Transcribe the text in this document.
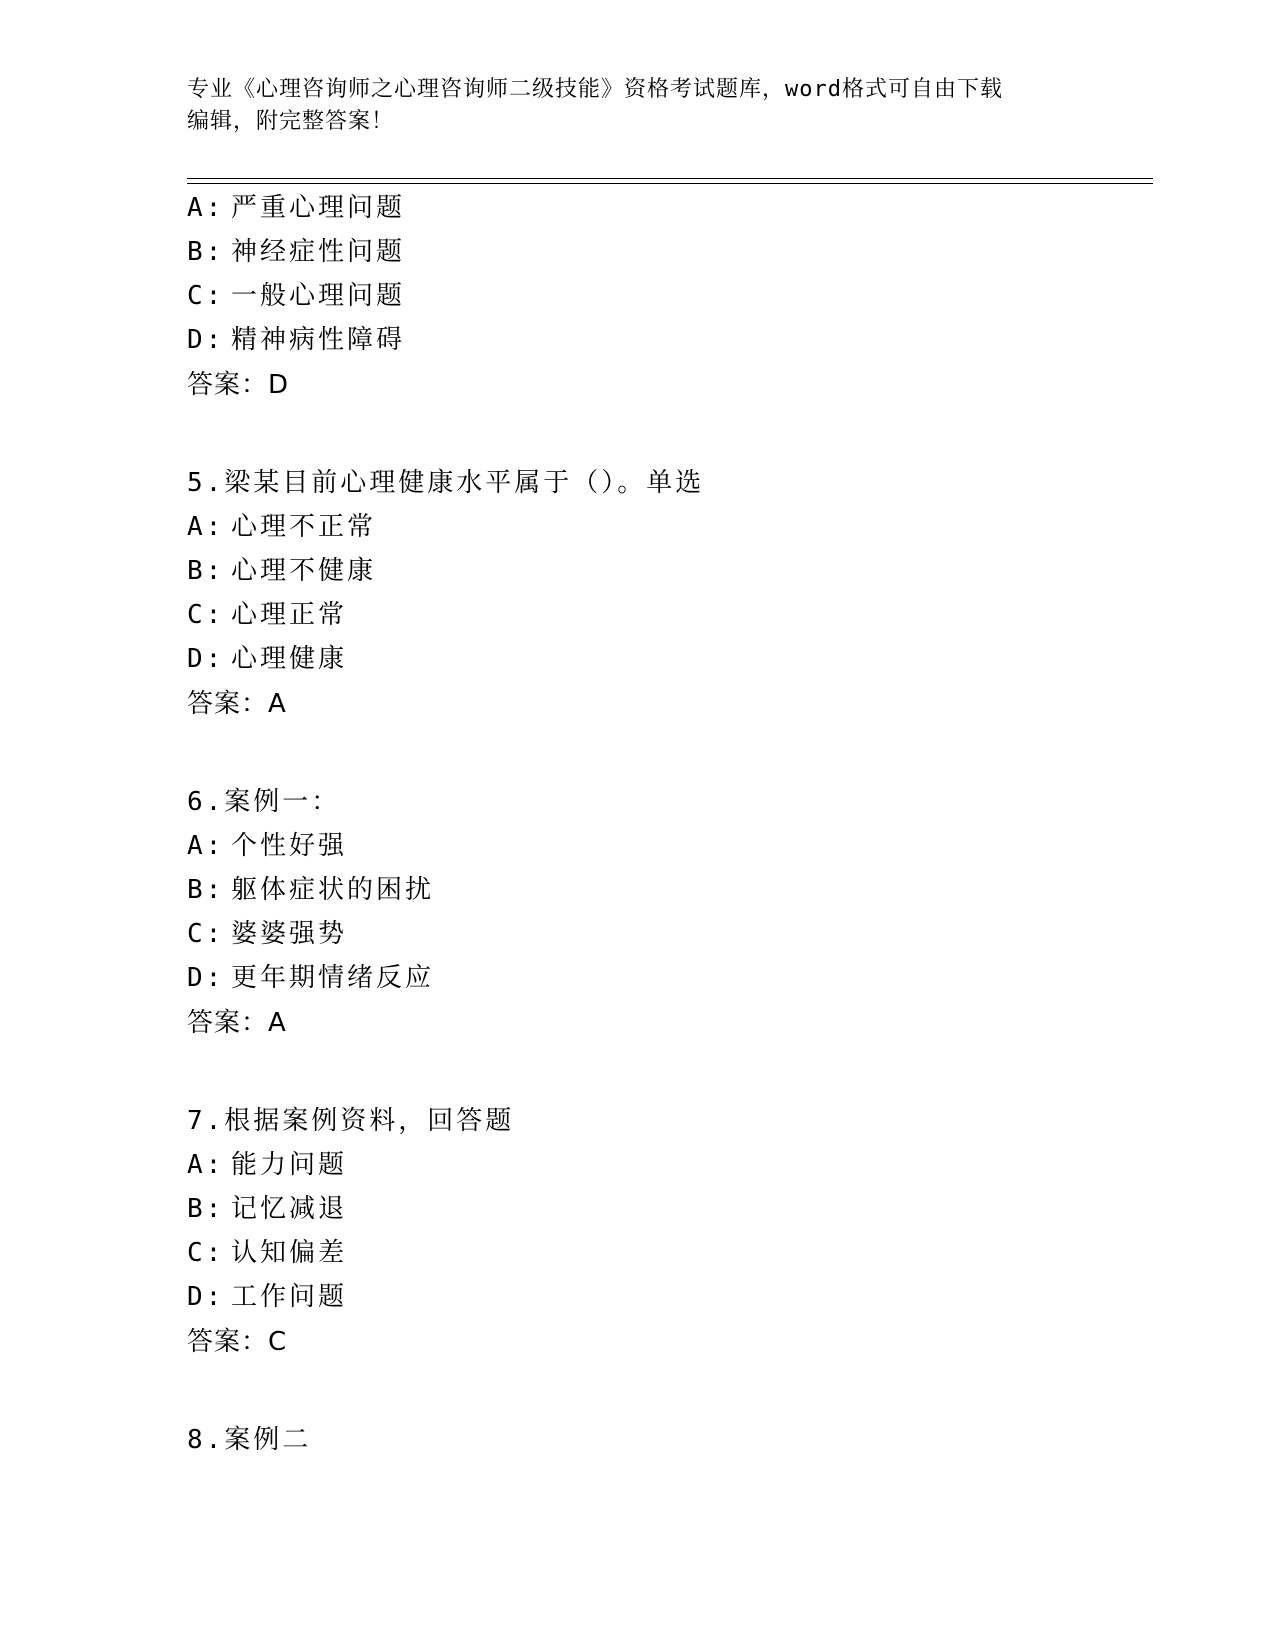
专业《心理咨询师之心理咨询师二级技能》资格考试题库，word格式可自由下载
编辑，附完整答案！
A: 严重心理问题
B: 神经症性问题
C: 一般心理问题
D: 精神病性障碍
答案：D
5.梁某目前心理健康水平属于（）。单选
A: 心理不正常
B: 心理不健康
C: 心理正常
D: 心理健康
答案：A
6.案例一：
A: 个性好强
B: 躯体症状的困扰
C: 婆婆强势
D: 更年期情绪反应
答案：A
7.根据案例资料，回答题
A: 能力问题
B: 记忆减退
C: 认知偏差
D: 工作问题
答案：C
8.案例二
